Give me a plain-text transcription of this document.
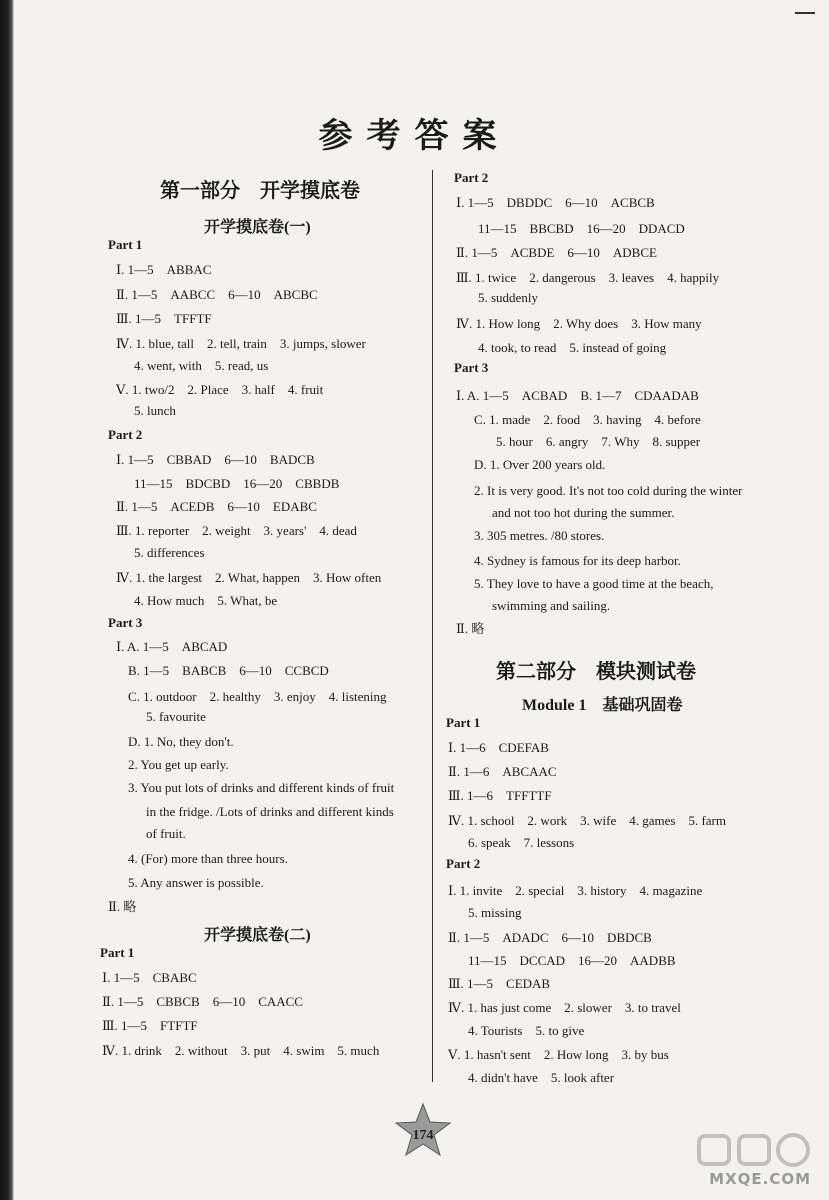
参考答案
第一部分　开学摸底卷
开学摸底卷(一)
Part 1
Ⅰ. 1—5　ABBAC
Ⅱ. 1—5　AABCC　6—10　ABCBC
Ⅲ. 1—5　TFFTF
Ⅳ. 1. blue, tall　2. tell, train　3. jumps, slower
4. went, with　5. read, us
Ⅴ. 1. two/2　2. Place　3. half　4. fruit
5. lunch
Part 2
Ⅰ. 1—5　CBBAD　6—10　BADCB
11—15　BDCBD　16—20　CBBDB
Ⅱ. 1—5　ACEDB　6—10　EDABC
Ⅲ. 1. reporter　2. weight　3. years'　4. dead
5. differences
Ⅳ. 1. the largest　2. What, happen　3. How often
4. How much　5. What, be
Part 3
Ⅰ. A. 1—5　ABCAD
B. 1—5　BABCB　6—10　CCBCD
C. 1. outdoor　2. healthy　3. enjoy　4. listening
5. favourite
D. 1. No, they don't.
2. You get up early.
3. You put lots of drinks and different kinds of fruit
in the fridge. /Lots of drinks and different kinds
of fruit.
4. (For) more than three hours.
5. Any answer is possible.
Ⅱ. 略
开学摸底卷(二)
Part 1
Ⅰ. 1—5　CBABC
Ⅱ. 1—5　CBBCB　6—10　CAACC
Ⅲ. 1—5　FTFTF
Ⅳ. 1. drink　2. without　3. put　4. swim　5. much
Part 2
Ⅰ. 1—5　DBDDC　6—10　ACBCB
11—15　BBCBD　16—20　DDACD
Ⅱ. 1—5　ACBDE　6—10　ADBCE
Ⅲ. 1. twice　2. dangerous　3. leaves　4. happily
5. suddenly
Ⅳ. 1. How long　2. Why does　3. How many
4. took, to read　5. instead of going
Part 3
Ⅰ. A. 1—5　ACBAD　B. 1—7　CDAADAB
C. 1. made　2. food　3. having　4. before
5. hour　6. angry　7. Why　8. supper
D. 1. Over 200 years old.
2. It is very good. It's not too cold during the winter
and not too hot during the summer.
3. 305 metres. /80 stores.
4. Sydney is famous for its deep harbor.
5. They love to have a good time at the beach,
swimming and sailing.
Ⅱ. 略
第二部分　模块测试卷
Module 1　基础巩固卷
Part 1
Ⅰ. 1—6　CDEFAB
Ⅱ. 1—6　ABCAAC
Ⅲ. 1—6　TFFTTF
Ⅳ. 1. school　2. work　3. wife　4. games　5. farm
6. speak　7. lessons
Part 2
Ⅰ. 1. invite　2. special　3. history　4. magazine
5. missing
Ⅱ. 1—5　ADADC　6—10　DBDCB
11—15　DCCAD　16—20　AADBB
Ⅲ. 1—5　CEDAB
Ⅳ. 1. has just come　2. slower　3. to travel
4. Tourists　5. to give
Ⅴ. 1. hasn't sent　2. How long　3. by bus
4. didn't have　5. look after
174
MXQE.COM
